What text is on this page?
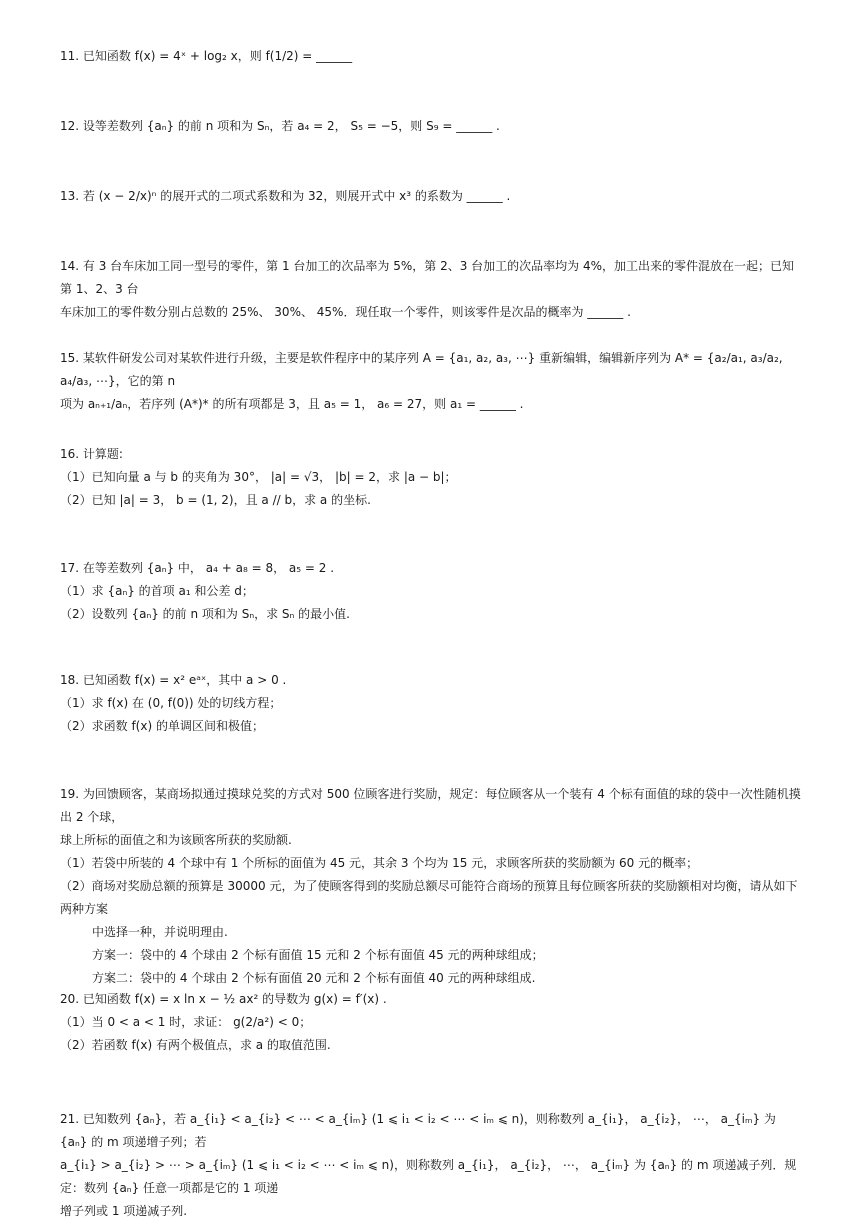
11. 已知函数 f(x) = 4ˣ + log₂ x，则 f(1/2) = ______
12. 设等差数列 {aₙ} 的前 n 项和为 Sₙ，若 a₄ = 2， S₅ = −5，则 S₉ = ______ .
13. 若 (x − 2/x)ⁿ 的展开式的二项式系数和为 32，则展开式中 x³ 的系数为 ______ .
14. 有 3 台车床加工同一型号的零件，第 1 台加工的次品率为 5%，第 2、3 台加工的次品率均为 4%，加工出来的零件混放在一起；已知第 1、2、3 台
车床加工的零件数分别占总数的 25%、 30%、 45%．现任取一个零件，则该零件是次品的概率为 ______ .
15. 某软件研发公司对某软件进行升级，主要是软件程序中的某序列 A = {a₁, a₂, a₃, ⋯} 重新编辑，编辑新序列为 A* = {a₂/a₁, a₃/a₂, a₄/a₃, ⋯}，它的第 n
项为 aₙ₊₁/aₙ，若序列 (A*)* 的所有项都是 3，且 a₅ = 1， a₆ = 27，则 a₁ = ______ .
16. 计算题:
（1）已知向量 a 与 b 的夹角为 30°， |a| = √3， |b| = 2，求 |a − b|；
（2）已知 |a| = 3， b = (1, 2)，且 a // b，求 a 的坐标.
17. 在等差数列 {aₙ} 中， a₄ + a₈ = 8， a₅ = 2 .
（1）求 {aₙ} 的首项 a₁ 和公差 d；
（2）设数列 {aₙ} 的前 n 项和为 Sₙ，求 Sₙ 的最小值.
18. 已知函数 f(x) = x² eᵃˣ，其中 a > 0 .
（1）求 f(x) 在 (0, f(0)) 处的切线方程；
（2）求函数 f(x) 的单调区间和极值；
19. 为回馈顾客，某商场拟通过摸球兑奖的方式对 500 位顾客进行奖励，规定：每位顾客从一个装有 4 个标有面值的球的袋中一次性随机摸出 2 个球，
球上所标的面值之和为该顾客所获的奖励额.
（1）若袋中所装的 4 个球中有 1 个所标的面值为 45 元，其余 3 个均为 15 元，求顾客所获的奖励额为 60 元的概率；
（2）商场对奖励总额的预算是 30000 元，为了使顾客得到的奖励总额尽可能符合商场的预算且每位顾客所获的奖励额相对均衡，请从如下两种方案
中选择一种，并说明理由.
方案一：袋中的 4 个球由 2 个标有面值 15 元和 2 个标有面值 45 元的两种球组成；
方案二：袋中的 4 个球由 2 个标有面值 20 元和 2 个标有面值 40 元的两种球组成.
20. 已知函数 f(x) = x ln x − ½ ax² 的导数为 g(x) = f′(x) .
（1）当 0 < a < 1 时，求证： g(2/a²) < 0；
（2）若函数 f(x) 有两个极值点，求 a 的取值范围.
21. 已知数列 {aₙ}，若 a_{i₁} < a_{i₂} < ⋯ < a_{iₘ} (1 ⩽ i₁ < i₂ < ⋯ < iₘ ⩽ n)，则称数列 a_{i₁}， a_{i₂}， ⋯， a_{iₘ} 为 {aₙ} 的 m 项递增子列；若
a_{i₁} > a_{i₂} > ⋯ > a_{iₘ} (1 ⩽ i₁ < i₂ < ⋯ < iₘ ⩽ n)，则称数列 a_{i₁}， a_{i₂}， ⋯， a_{iₘ} 为 {aₙ} 的 m 项递减子列．规定：数列 {aₙ} 任意一项都是它的 1 项递
增子列或 1 项递减子列.
